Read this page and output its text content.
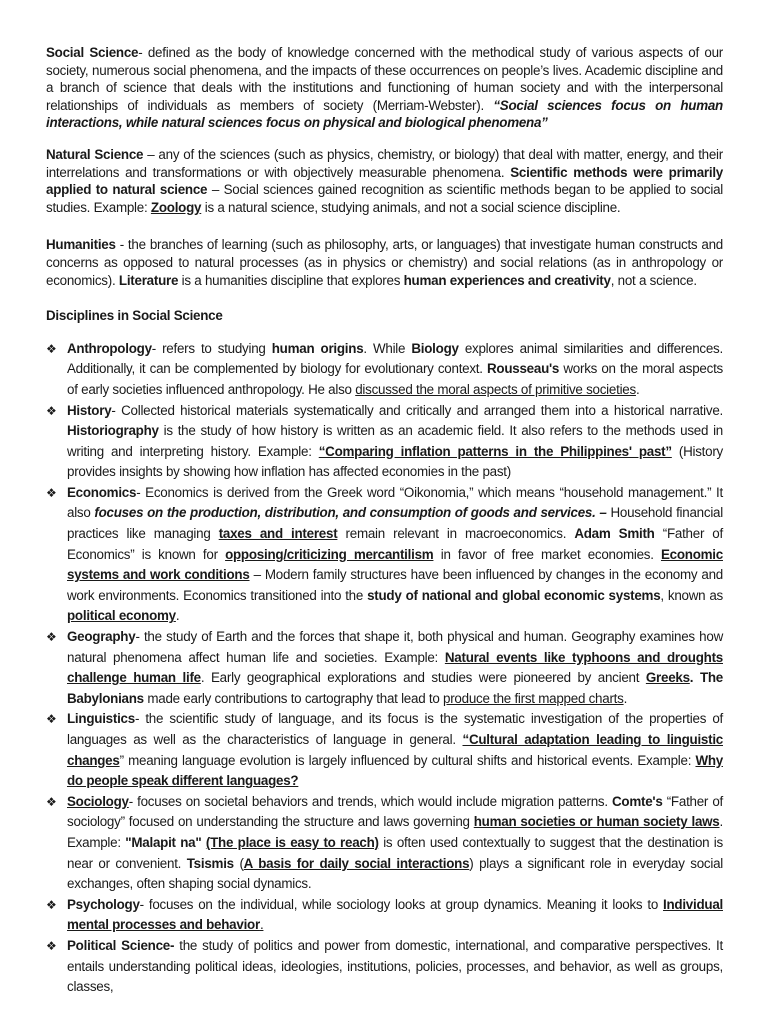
Social Science- defined as the body of knowledge concerned with the methodical study of various aspects of our society, numerous social phenomena, and the impacts of these occurrences on people’s lives. Academic discipline and a branch of science that deals with the institutions and functioning of human society and with the interpersonal relationships of individuals as members of society (Merriam-Webster). “Social sciences focus on human interactions, while natural sciences focus on physical and biological phenomena”

Natural Science – any of the sciences (such as physics, chemistry, or biology) that deal with matter, energy, and their interrelations and transformations or with objectively measurable phenomena. Scientific methods were primarily applied to natural science – Social sciences gained recognition as scientific methods began to be applied to social studies. Example: Zoology is a natural science, studying animals, and not a social science discipline.

Humanities - the branches of learning (such as philosophy, arts, or languages) that investigate human constructs and concerns as opposed to natural processes (as in physics or chemistry) and social relations (as in anthropology or economics). Literature is a humanities discipline that explores human experiences and creativity, not a science.

Disciplines in Social Science

❖ Anthropology- refers to studying human origins. While Biology explores animal similarities and differences. Additionally, it can be complemented by biology for evolutionary context. Rousseau's works on the moral aspects of early societies influenced anthropology. He also discussed the moral aspects of primitive societies.
❖ History- Collected historical materials systematically and critically and arranged them into a historical narrative. Historiography is the study of how history is written as an academic field. It also refers to the methods used in writing and interpreting history. Example: “Comparing inflation patterns in the Philippines' past” (History provides insights by showing how inflation has affected economies in the past)
❖ Economics- Economics is derived from the Greek word “Oikonomia,” which means “household management.” It also focuses on the production, distribution, and consumption of goods and services. – Household financial practices like managing taxes and interest remain relevant in macroeconomics. Adam Smith “Father of Economics” is known for opposing/criticizing mercantilism in favor of free market economies. Economic systems and work conditions – Modern family structures have been influenced by changes in the economy and work environments. Economics transitioned into the study of national and global economic systems, known as political economy.
❖ Geography- the study of Earth and the forces that shape it, both physical and human. Geography examines how natural phenomena affect human life and societies. Example: Natural events like typhoons and droughts challenge human life. Early geographical explorations and studies were pioneered by ancient Greeks. The Babylonians made early contributions to cartography that lead to produce the first mapped charts.
❖ Linguistics- the scientific study of language, and its focus is the systematic investigation of the properties of languages as well as the characteristics of language in general. “Cultural adaptation leading to linguistic changes” meaning language evolution is largely influenced by cultural shifts and historical events. Example: Why do people speak different languages?
❖ Sociology- focuses on societal behaviors and trends, which would include migration patterns. Comte's “Father of sociology” focused on understanding the structure and laws governing human societies or human society laws. Example: "Malapit na" (The place is easy to reach) is often used contextually to suggest that the destination is near or convenient. Tsismis (A basis for daily social interactions) plays a significant role in everyday social exchanges, often shaping social dynamics.
❖ Psychology- focuses on the individual, while sociology looks at group dynamics. Meaning it looks to Individual mental processes and behavior.
❖ Political Science- the study of politics and power from domestic, international, and comparative perspectives. It entails understanding political ideas, ideologies, institutions, policies, processes, and behavior, as well as groups, classes,
